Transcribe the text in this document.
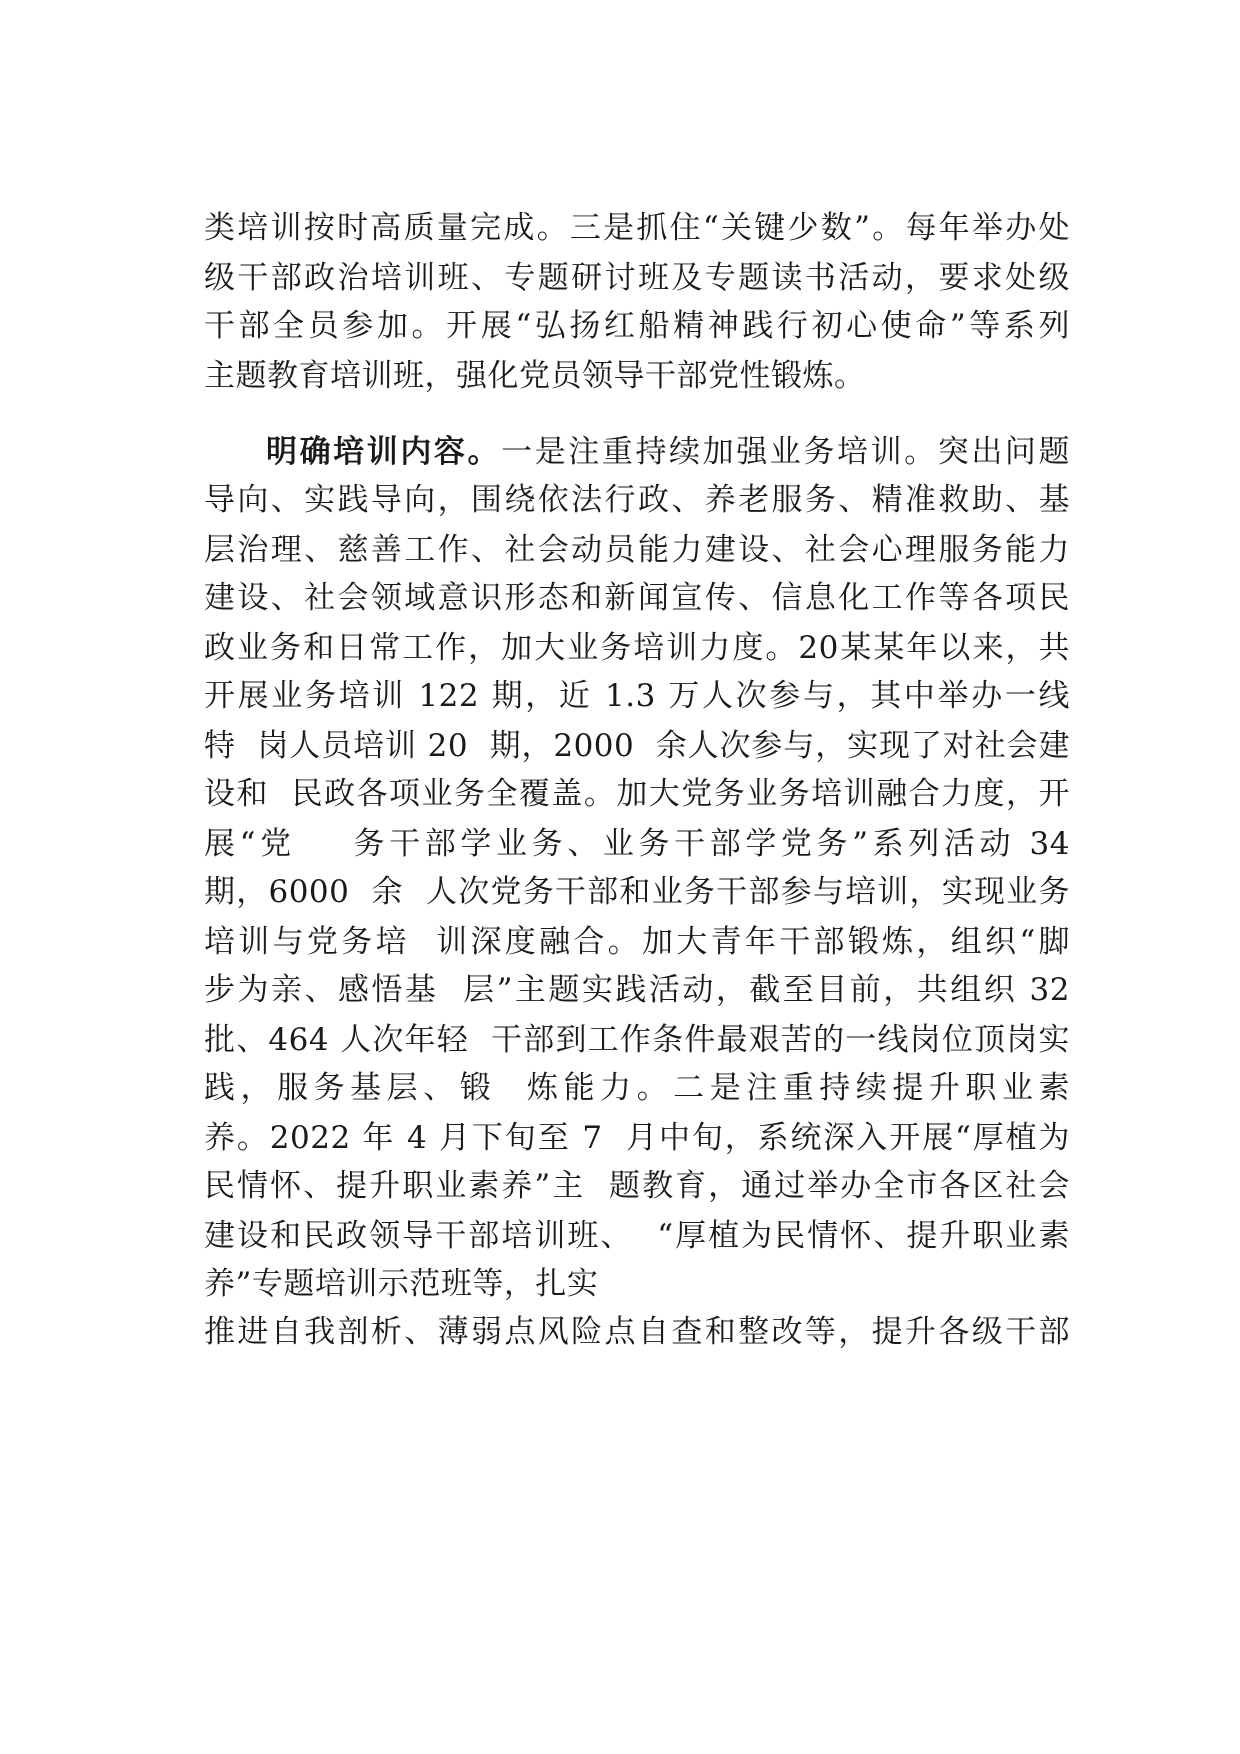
类培训按时高质量完成。三是抓住“关键少数”。每年举办处
级干部政治培训班、专题研讨班及专题读书活动，要求处级
干部全员参加。开展“弘扬红船精神践行初心使命”等系列
主题教育培训班，强化党员领导干部党性锻炼。
明确培训内容。一是注重持续加强业务培训。突出问题
导向、实践导向，围绕依法行政、养老服务、精准救助、基
层治理、慈善工作、社会动员能力建设、社会心理服务能力
建设、社会领域意识形态和新闻宣传、信息化工作等各项民
政业务和日常工作，加大业务培训力度。20某某年以来，共
开展业务培训 122 期，近 1.3 万人次参与，其中举办一线
特  岗人员培训 20  期，2000  余人次参与，实现了对社会建
设和  民政各项业务全覆盖。加大党务业务培训融合力度，开
展“党    务干部学业务、业务干部学党务”系列活动 34
期，6000  余  人次党务干部和业务干部参与培训，实现业务
培训与党务培  训深度融合。加大青年干部锻炼，组织“脚
步为亲、感悟基  层”主题实践活动，截至目前，共组织 32
批、464 人次年轻  干部到工作条件最艰苦的一线岗位顶岗实
践，服务基层、锻  炼能力。二是注重持续提升职业素
养。2022 年 4 月下旬至 7  月中旬，系统深入开展“厚植为
民情怀、提升职业素养”主  题教育，通过举办全市各区社会
建设和民政领导干部培训班、  “厚植为民情怀、提升职业素
养”专题培训示范班等，扎实
推进自我剖析、薄弱点风险点自查和整改等，提升各级干部
